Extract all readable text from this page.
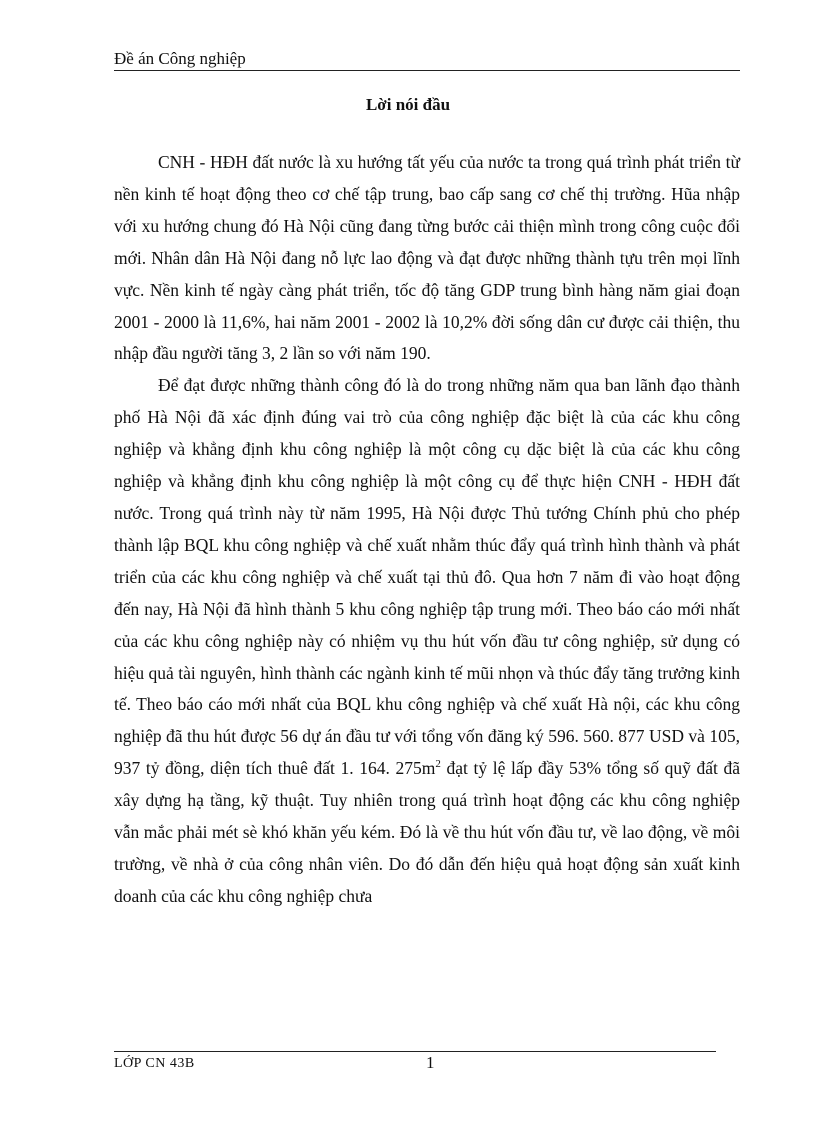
Đề án Công nghiệp
Lời nói đầu

CNH - HĐH đất nước là xu hướng tất yếu của nước ta trong quá trình phát triển từ nền kinh tế hoạt động theo cơ chế tập trung, bao cấp sang cơ chế thị trường. Hũa nhập với xu hướng chung đó Hà Nội cũng đang từng bước cải thiện mình trong công cuộc đổi mới. Nhân dân Hà Nội đang nỗ lực lao động và đạt được những thành tựu trên mọi lĩnh vực. Nền kinh tế ngày càng phát triển, tốc độ tăng GDP trung bình hàng năm giai đoạn 2001 - 2000 là 11,6%, hai năm 2001 - 2002 là 10,2% đời sống dân cư được cải thiện, thu nhập đầu người tăng 3, 2 lần so với năm 190.

Để đạt được những thành công đó là do trong những năm qua ban lãnh đạo thành phố Hà Nội đã xác định đúng vai trò của công nghiệp đặc biệt là của các khu công nghiệp và khẳng định khu công nghiệp là một công cụ dặc biệt là của các khu công nghiệp và khẳng định khu công nghiệp là một công cụ để thực hiện CNH - HĐH đất nước. Trong quá trình này từ năm 1995, Hà Nội được Thủ tướng Chính phủ cho phép thành lập BQL khu công nghiệp và chế xuất nhằm thúc đẩy quá trình hình thành và phát triển của các khu công nghiệp và chế xuất tại thủ đô. Qua hơn 7 năm đi vào hoạt động đến nay, Hà Nội đã hình thành 5 khu công nghiệp tập trung mới. Theo báo cáo mới nhất của các khu công nghiệp này có nhiệm vụ thu hút vốn đầu tư công nghiệp, sử dụng có hiệu quả tài nguyên, hình thành các ngành kinh tế mũi nhọn và thúc đẩy tăng trưởng kinh tế. Theo báo cáo mới nhất của BQL khu công nghiệp và chế xuất Hà nội, các khu công nghiệp đã thu hút được 56 dự án đầu tư với tổng vốn đăng ký 596. 560. 877 USD và 105, 937 tỷ đồng, diện tích thuê đất 1. 164. $275m^2$ đạt tỷ lệ lấp đầy 53% tổng số quỹ đất đã xây dựng hạ tầng, kỹ thuật. Tuy nhiên trong quá trình hoạt động các khu công nghiệp vẫn mắc phải mét sè khó khăn yếu kém. Đó là về thu hút vốn đầu tư, về lao động, về môi trường, về nhà ở của công nhân viên. Do đó dẫn đến hiệu quả hoạt động sản xuất kinh doanh của các khu công nghiệp chưa

LỚP CN 43B	1
